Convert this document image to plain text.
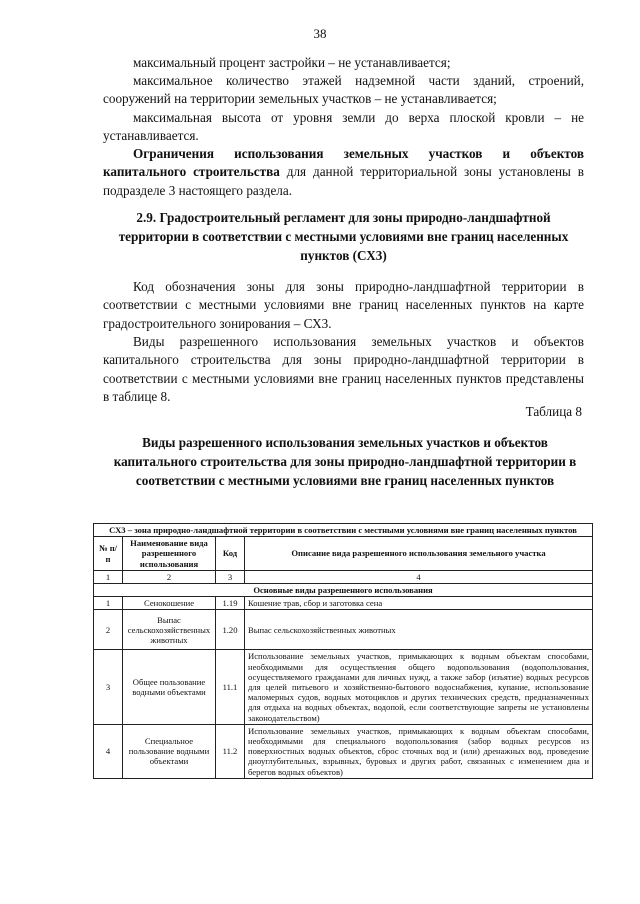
38

максимальный процент застройки – не устанавливается;

максимальное количество этажей надземной части зданий, строений, сооружений на территории земельных участков – не устанавливается;

максимальная высота от уровня земли до верха плоской кровли – не устанавливается.

Ограничения использования земельных участков и объектов капитального строительства для данной территориальной зоны установлены в подразделе 3 настоящего раздела.

2.9. Градостроительный регламент для зоны природно-ландшафтной территории в соответствии с местными условиями вне границ населенных пунктов (СХ3)

Код обозначения зоны для зоны природно-ландшафтной территории в соответствии с местными условиями вне границ населенных пунктов на карте градостроительного зонирования – СХ3.

Виды разрешенного использования земельных участков и объектов капитального строительства для зоны природно-ландшафтной территории в соответствии с местными условиями вне границ населенных пунктов представлены в таблице 8.

Таблица 8

Виды разрешенного использования земельных участков и объектов капитального строительства для зоны природно-ландшафтной территории в соответствии с местными условиями вне границ населенных пунктов

СХ3 – зона природно-ландшафтной территории в соответствии с местными условиями вне границ населенных пунктов			
№ п/п	Наименование вида разрешенного использования	Код	Описание вида разрешенного использования земельного участка
1	2	3	4
Основные виды разрешенного использования			
1	Сенокошение	1.19	Кошение трав, сбор и заготовка сена
2	Выпас сельскохозяйственных животных	1.20	Выпас сельскохозяйственных животных
3	Общее пользование водными объектами	11.1	Использование земельных участков, примыкающих к водным объектам способами, необходимыми для осуществления общего водопользования (водопользования, осуществляемого гражданами для личных нужд, а также забор (изъятие) водных ресурсов для целей питьевого и хозяйственно-бытового водоснабжения, купание, использование маломерных судов, водных мотоциклов и других технических средств, предназначенных для отдыха на водных объектах, водопой, если соответствующие запреты не установлены законодательством)
4	Специальное пользование водными объектами	11.2	Использование земельных участков, примыкающих к водным объектам способами, необходимыми для специального водопользования (забор водных ресурсов из поверхностных водных объектов, сброс сточных вод и (или) дренажных вод, проведение дноуглубительных, взрывных, буровых и других работ, связанных с изменением дна и берегов водных объектов)
